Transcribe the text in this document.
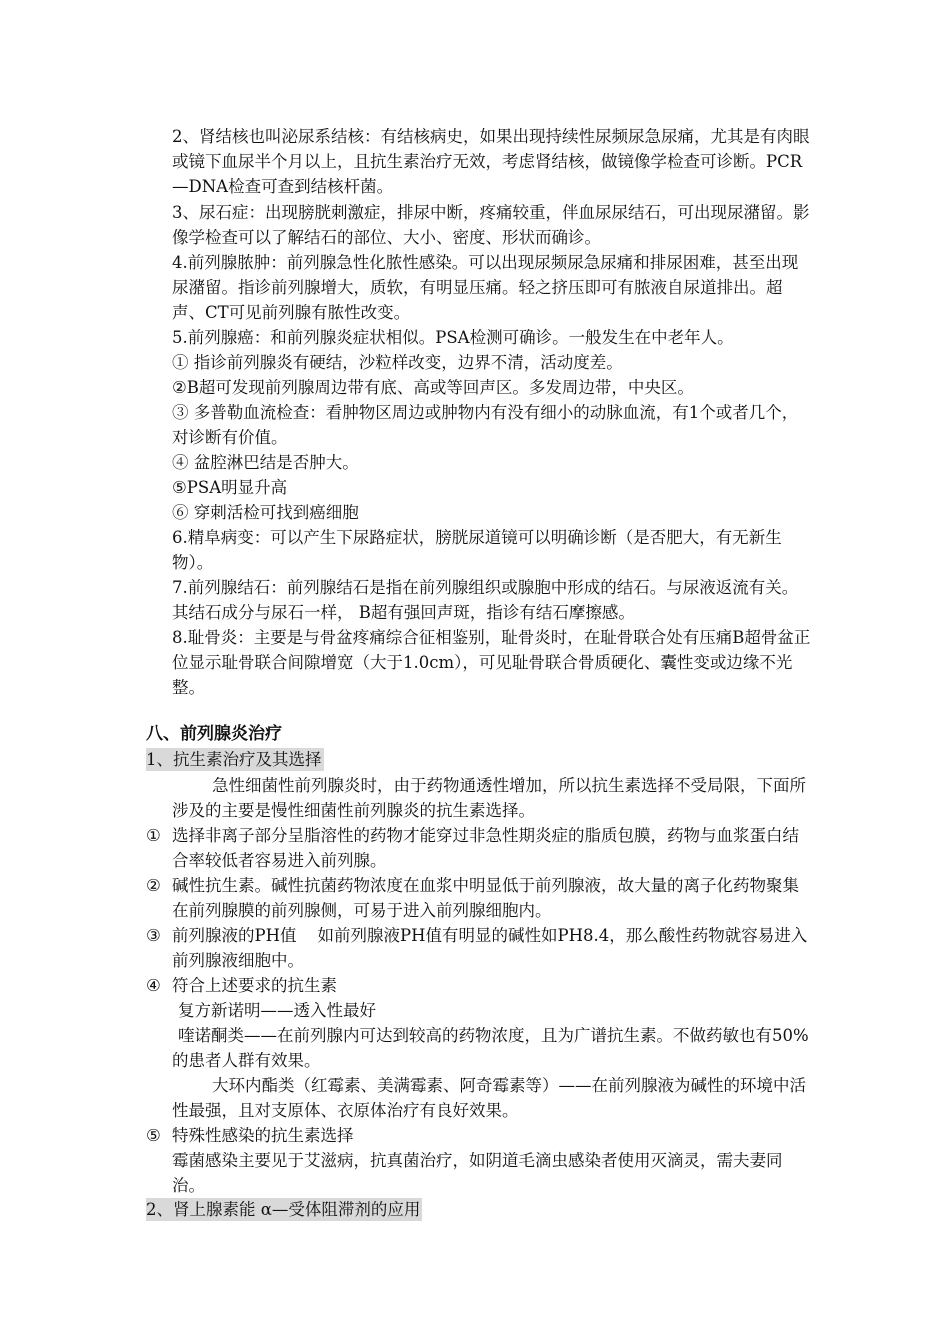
2、肾结核也叫泌尿系结核：有结核病史，如果出现持续性尿频尿急尿痛，尤其是有肉眼或镜下血尿半个月以上，且抗生素治疗无效，考虑肾结核，做镜像学检查可诊断。PCR—DNA检查可查到结核杆菌。

3、尿石症：出现膀胱刺激症，排尿中断，疼痛较重，伴血尿尿结石，可出现尿潴留。影像学检查可以了解结石的部位、大小、密度、形状而确诊。

4.前列腺脓肿：前列腺急性化脓性感染。可以出现尿频尿急尿痛和排尿困难，甚至出现尿潴留。指诊前列腺增大，质软，有明显压痛。轻之挤压即可有脓液自尿道排出。超声、CT可见前列腺有脓性改变。

5.前列腺癌：和前列腺炎症状相似。PSA检测可确诊。一般发生在中老年人。

① 指诊前列腺炎有硬结，沙粒样改变，边界不清，活动度差。

②B超可发现前列腺周边带有底、高或等回声区。多发周边带，中央区。

③ 多普勒血流检查：看肿物区周边或肿物内有没有细小的动脉血流，有1个或者几个，对诊断有价值。

④ 盆腔淋巴结是否肿大。

⑤PSA明显升高

⑥ 穿刺活检可找到癌细胞

6.精阜病变：可以产生下尿路症状，膀胱尿道镜可以明确诊断（是否肥大，有无新生物）。

7.前列腺结石：前列腺结石是指在前列腺组织或腺胞中形成的结石。与尿液返流有关。其结石成分与尿石一样， B超有强回声斑，指诊有结石摩擦感。

8.耻骨炎：主要是与骨盆疼痛综合征相鉴别，耻骨炎时，在耻骨联合处有压痛B超骨盆正位显示耻骨联合间隙增宽（大于1.0cm），可见耻骨联合骨质硬化、囊性变或边缘不光整。

八、前列腺炎治疗
1、抗生素治疗及其选择

急性细菌性前列腺炎时，由于药物通透性增加，所以抗生素选择不受局限，下面所涉及的主要是慢性细菌性前列腺炎的抗生素选择。

① 选择非离子部分呈脂溶性的药物才能穿过非急性期炎症的脂质包膜，药物与血浆蛋白结合率较低者容易进入前列腺。

② 碱性抗生素。碱性抗菌药物浓度在血浆中明显低于前列腺液，故大量的离子化药物聚集在前列腺膜的前列腺侧，可易于进入前列腺细胞内。

③ 前列腺液的PH值    如前列腺液PH值有明显的碱性如PH8.4，那么酸性药物就容易进入前列腺液细胞中。

④ 符合上述要求的抗生素

复方新诺明——透入性最好

喹诺酮类——在前列腺内可达到较高的药物浓度，且为广谱抗生素。不做药敏也有50%的患者人群有效果。

大环内酯类（红霉素、美满霉素、阿奇霉素等）——在前列腺液为碱性的环境中活性最强，且对支原体、衣原体治疗有良好效果。

⑤ 特殊性感染的抗生素选择

霉菌感染主要见于艾滋病，抗真菌治疗，如阴道毛滴虫感染者使用灭滴灵，需夫妻同治。

2、肾上腺素能 α—受体阻滞剂的应用
